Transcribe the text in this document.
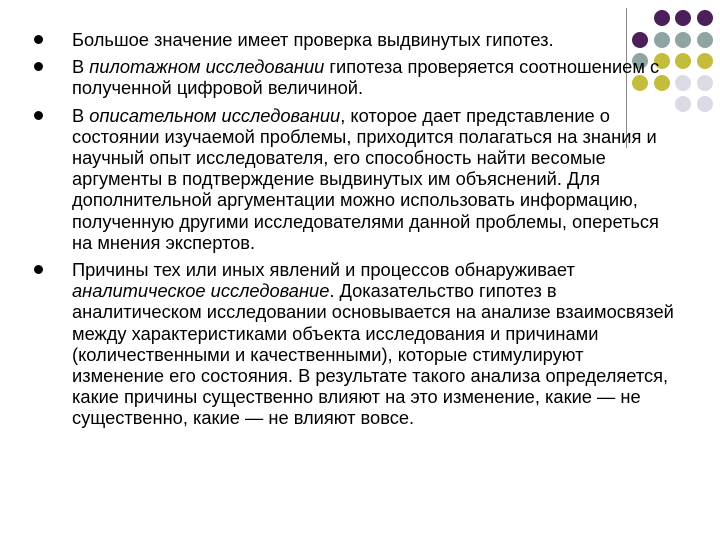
Большое значение имеет проверка выдвинутых гипотез.
В пилотажном исследовании гипотеза проверяется соотношением с полученной цифровой величиной.
В описательном исследовании, которое дает представление о состоянии изучаемой проблемы, приходится полагаться на знания и научный опыт исследователя, его способность найти весомые аргументы в подтверждение выдвинутых им объяснений. Для дополнительной аргументации можно использовать информацию, полученную другими исследователями данной проблемы, опереться на мнения экспертов.
Причины тех или иных явлений и процессов обнаруживает аналитическое исследование. Доказательство гипотез в аналитическом исследовании основывается на анализе взаимосвязей между характеристиками объекта исследования и причинами (количественными и качественными), которые стимулируют изменение его состояния. В результате такого анализа определяется, какие причины существенно влияют на это изменение, какие — не существенно, какие — не влияют вовсе.
